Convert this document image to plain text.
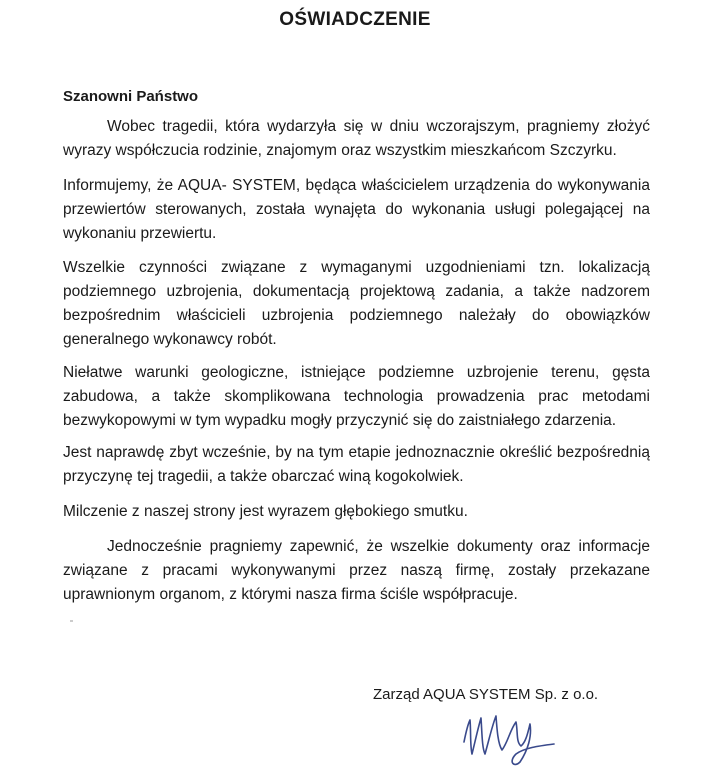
OŚWIADCZENIE
Szanowni Państwo

Wobec tragedii, która wydarzyła się w dniu wczorajszym, pragniemy złożyć wyrazy współczucia rodzinie, znajomym oraz wszystkim mieszkańcom Szczyrku.

Informujemy, że AQUA- SYSTEM, będąca właścicielem urządzenia do wykonywania przewiertów sterowanych, została wynajęta do wykonania usługi polegającej na wykonaniu przewiertu.

Wszelkie czynności związane z wymaganymi uzgodnieniami tzn. lokalizacją podziemnego uzbrojenia, dokumentacją projektową zadania, a także nadzorem bezpośrednim właścicieli uzbrojenia podziemnego należały do obowiązków generalnego wykonawcy robót.

Niełatwe warunki geologiczne, istniejące podziemne uzbrojenie terenu, gęsta zabudowa, a także skomplikowana technologia prowadzenia prac metodami bezwykopowymi w tym wypadku mogły przyczynić się do zaistniałego zdarzenia.

Jest naprawdę zbyt wcześnie, by na tym etapie jednoznacznie określić bezpośrednią przyczynę tej tragedii, a także obarczać winą kogokolwiek.

Milczenie z naszej strony jest wyrazem głębokiego smutku.

Jednocześnie pragniemy zapewnić, że wszelkie dokumenty oraz informacje związane z pracami wykonywanymi przez naszą firmę, zostały przekazane uprawnionym organom, z którymi nasza firma ściśle współpracuje.

Zarząd AQUA SYSTEM Sp. z o.o.
